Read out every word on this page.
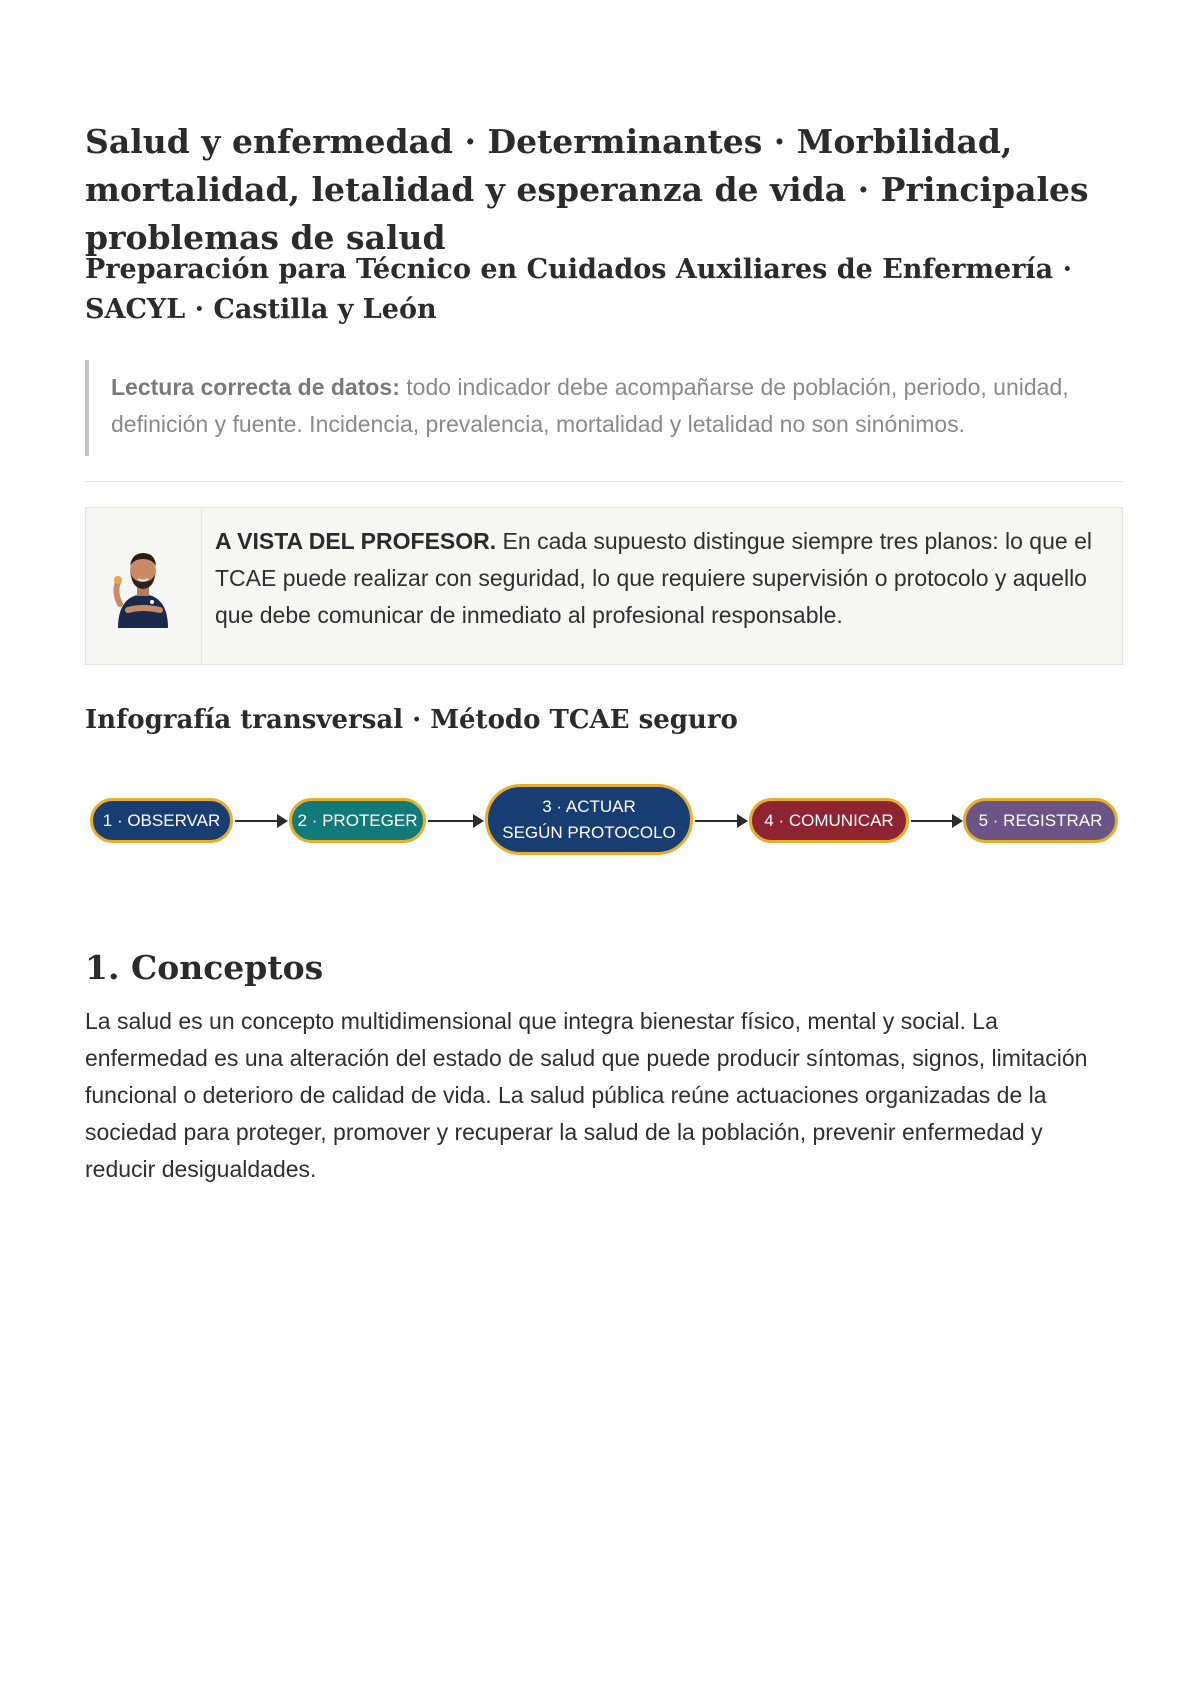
Salud y enfermedad · Determinantes · Morbilidad, mortalidad, letalidad y esperanza de vida · Principales problemas de salud
Preparación para Técnico en Cuidados Auxiliares de Enfermería · SACYL · Castilla y León
Lectura correcta de datos: todo indicador debe acompañarse de población, periodo, unidad, definición y fuente. Incidencia, prevalencia, mortalidad y letalidad no son sinónimos.
A VISTA DEL PROFESOR. En cada supuesto distingue siempre tres planos: lo que el TCAE puede realizar con seguridad, lo que requiere supervisión o protocolo y aquello que debe comunicar de inmediato al profesional responsable.
Infografía transversal · Método TCAE seguro
1 · OBSERVAR	2 · PROTEGER
3 · ACTUAR
SEGÚN PROTOCOLO
4 · COMUNICAR	5 · REGISTRAR
1. Conceptos

La salud es un concepto multidimensional que integra bienestar físico, mental y social. La enfermedad es una alteración del estado de salud que puede producir síntomas, signos, limitación funcional o deterioro de calidad de vida. La salud pública reúne actuaciones organizadas de la sociedad para proteger, promover y recuperar la salud de la población, prevenir enfermedad y reducir desigualdades.
